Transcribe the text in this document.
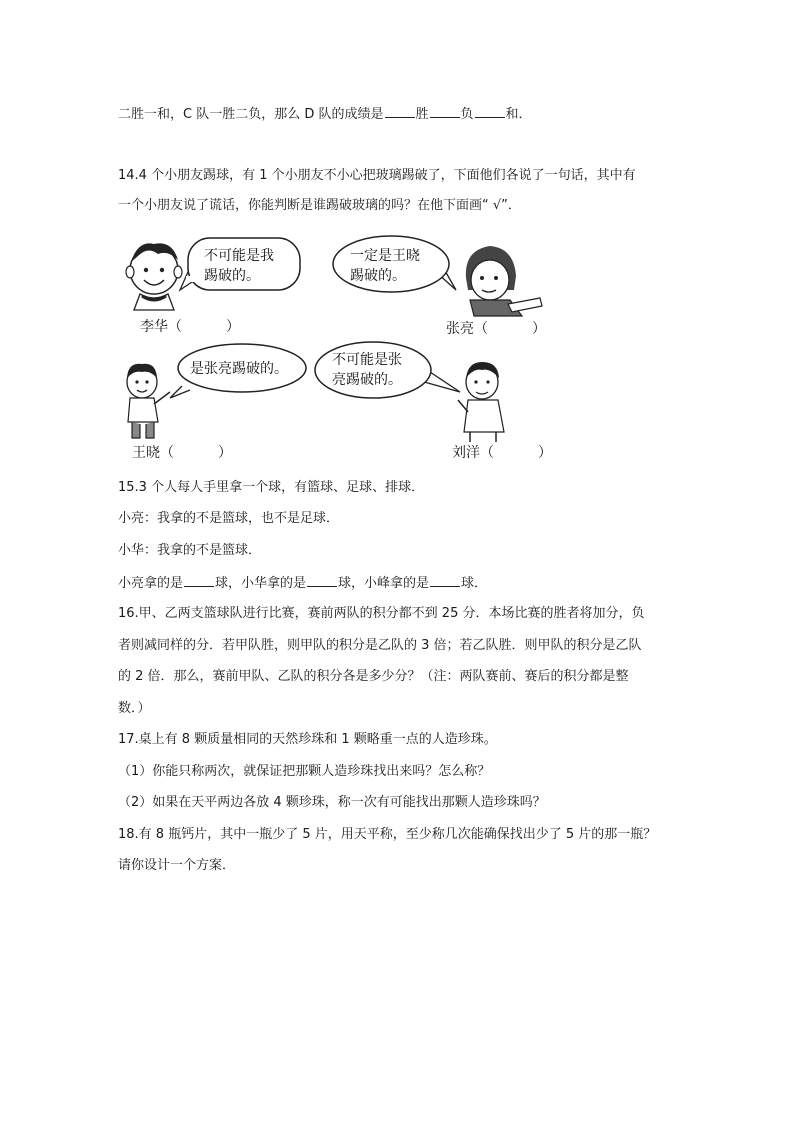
二胜一和，C 队一胜二负，那么 D 队的成绩是 胜 负 和．
14.4 个小朋友踢球，有 1 个小朋友不小心把玻璃踢破了，下面他们各说了一句话，其中有
一个小朋友说了谎话，你能判断是谁踢破玻璃的吗？在他下面画“ √”．
不可能是我
踢破的。
一定是王晓
踢破的。
是张亮踢破的。
不可能是张
亮踢破的。
李华（	）	张亮（	）
王晓（	）	刘洋（	）
15.3 个人每人手里拿一个球，有篮球、足球、排球．
小亮：我拿的不是篮球，也不是足球．
小华：我拿的不是篮球．
小亮拿的是 球，小华拿的是 球，小峰拿的是 球．
16.甲、乙两支篮球队进行比赛，赛前两队的积分都不到 25 分．本场比赛的胜者将加分，负
者则减同样的分．若甲队胜，则甲队的积分是乙队的 3 倍；若乙队胜．则甲队的积分是乙队
的 2 倍．那么，赛前甲队、乙队的积分各是多少分？（注：两队赛前、赛后的积分都是整
数．）
17.桌上有 8 颗质量相同的天然珍珠和 1 颗略重一点的人造珍珠。
（1）你能只称两次，就保证把那颗人造珍珠找出来吗？怎么称？
（2）如果在天平两边各放 4 颗珍珠，称一次有可能找出那颗人造珍珠吗？
18.有 8 瓶钙片，其中一瓶少了 5 片，用天平称，至少称几次能确保找出少了 5 片的那一瓶？
请你设计一个方案．
